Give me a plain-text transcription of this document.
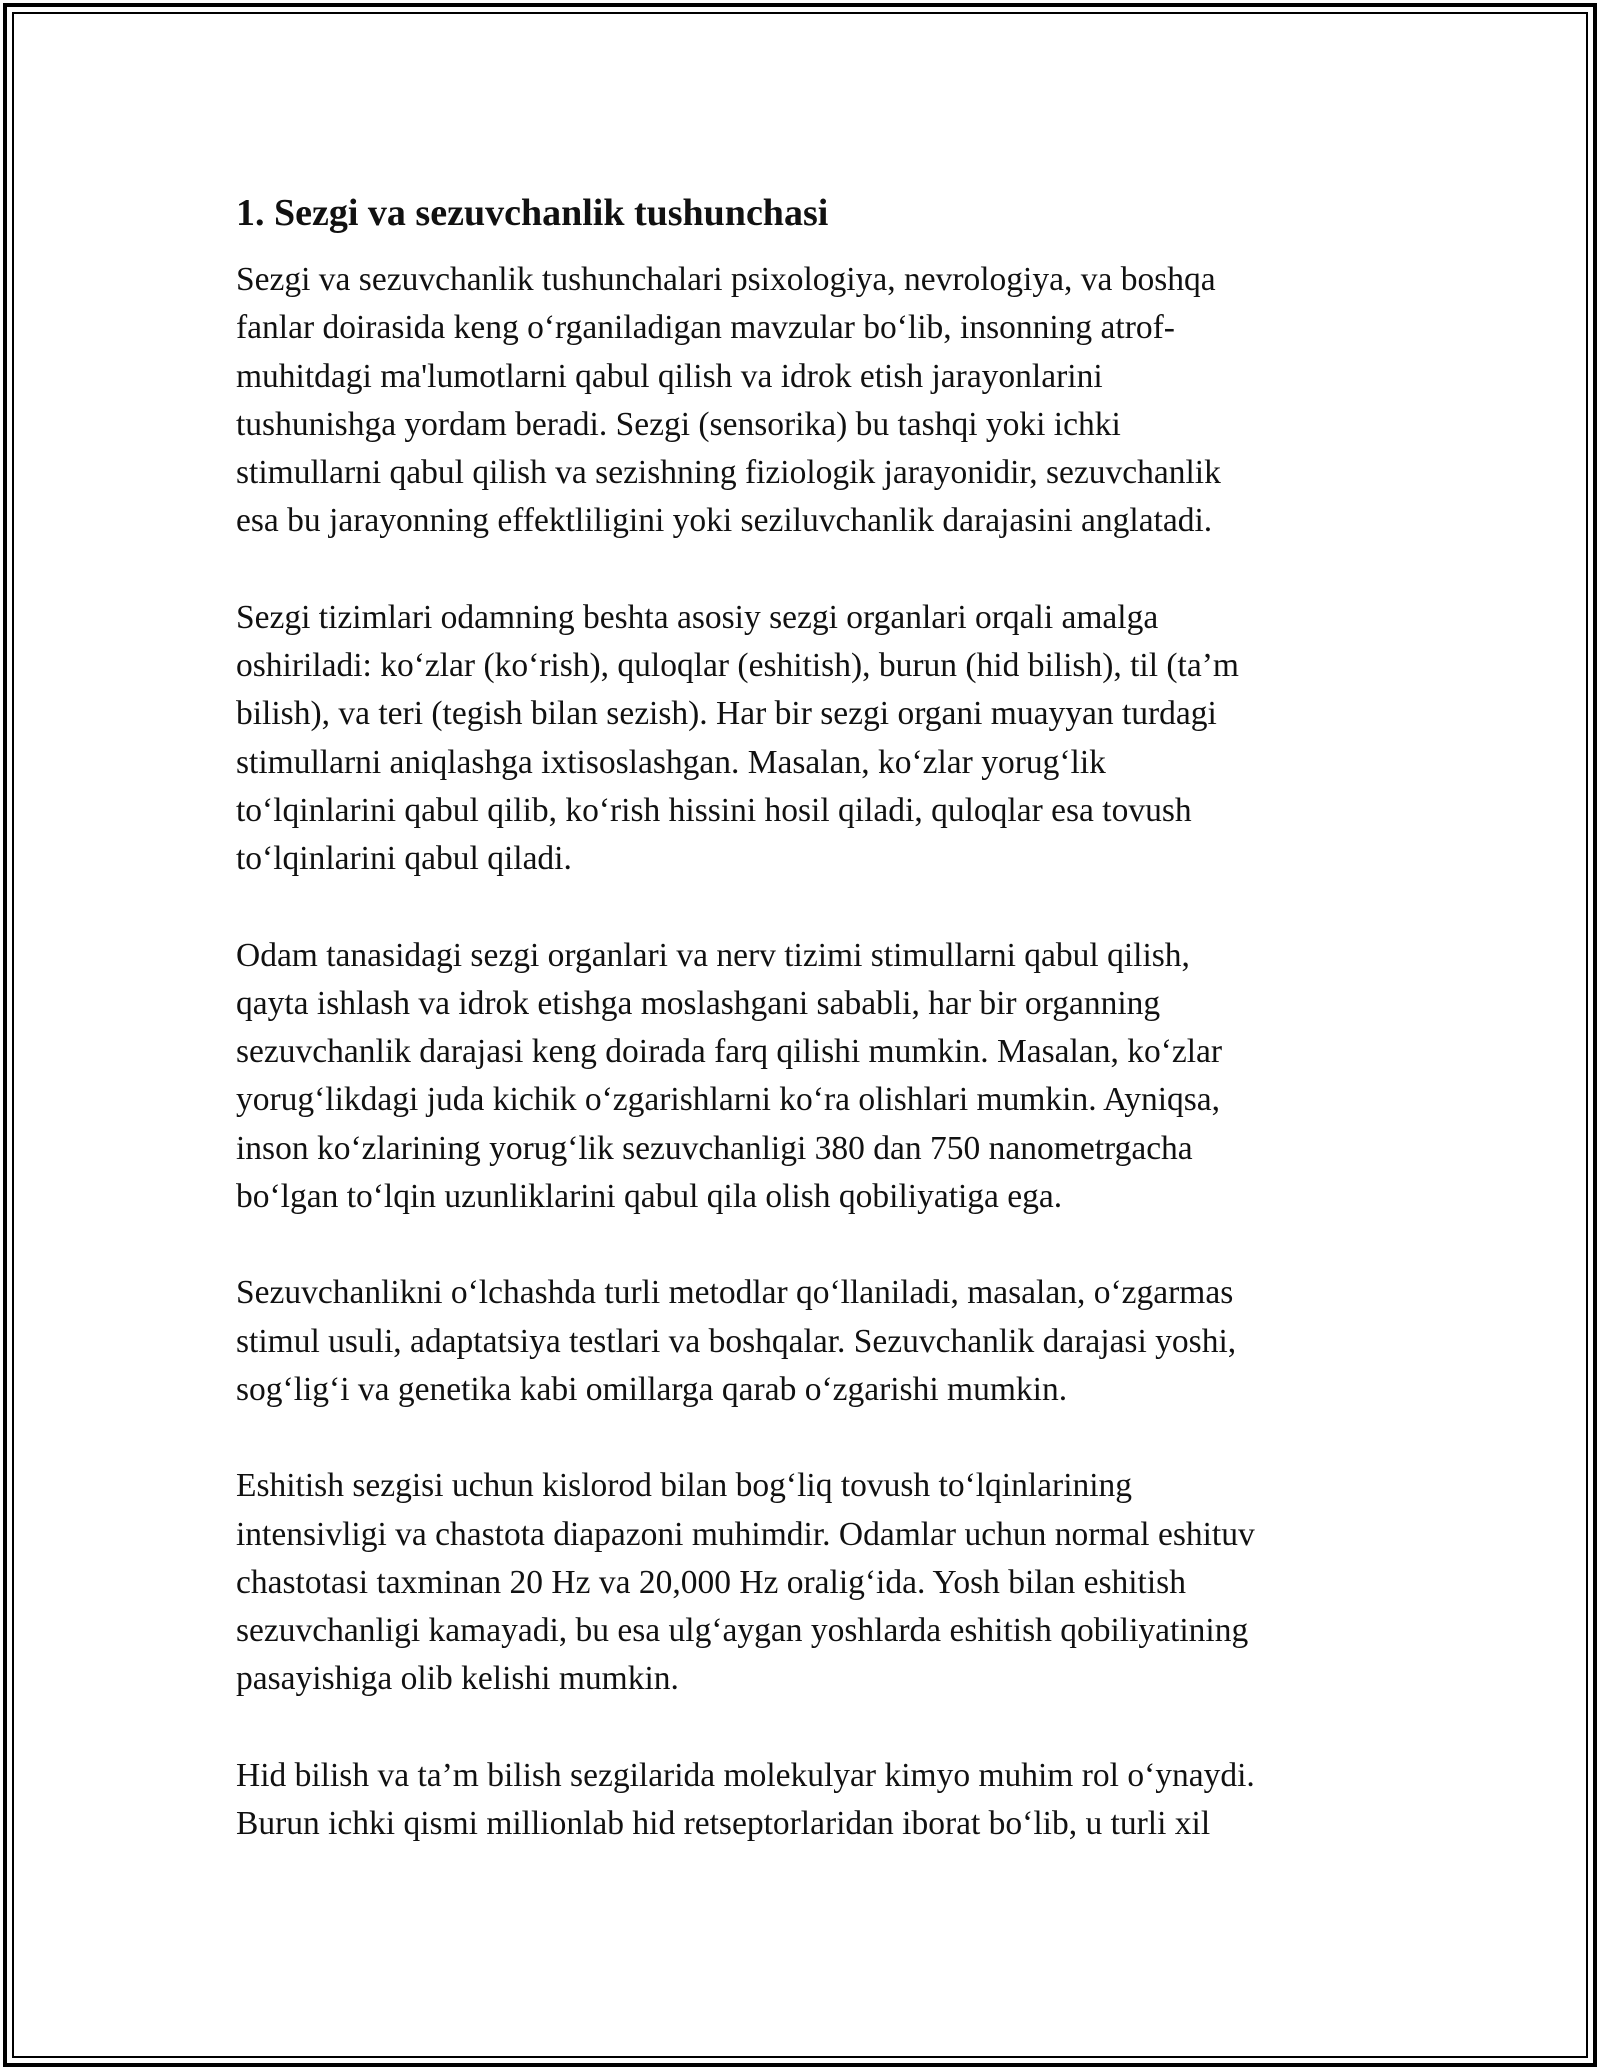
1. Sezgi va sezuvchanlik tushunchasi
Sezgi va sezuvchanlik tushunchalari psixologiya, nevrologiya, va boshqa
fanlar doirasida keng o‘rganiladigan mavzular bo‘lib, insonning atrof-
muhitdagi ma'lumotlarni qabul qilish va idrok etish jarayonlarini
tushunishga yordam beradi. Sezgi (sensorika) bu tashqi yoki ichki
stimullarni qabul qilish va sezishning fiziologik jarayonidir, sezuvchanlik
esa bu jarayonning effektliligini yoki seziluvchanlik darajasini anglatadi.
Sezgi tizimlari odamning beshta asosiy sezgi organlari orqali amalga
oshiriladi: ko‘zlar (ko‘rish), quloqlar (eshitish), burun (hid bilish), til (ta’m
bilish), va teri (tegish bilan sezish). Har bir sezgi organi muayyan turdagi
stimullarni aniqlashga ixtisoslashgan. Masalan, ko‘zlar yorug‘lik
to‘lqinlarini qabul qilib, ko‘rish hissini hosil qiladi, quloqlar esa tovush
to‘lqinlarini qabul qiladi.
Odam tanasidagi sezgi organlari va nerv tizimi stimullarni qabul qilish,
qayta ishlash va idrok etishga moslashgani sababli, har bir organning
sezuvchanlik darajasi keng doirada farq qilishi mumkin. Masalan, ko‘zlar
yorug‘likdagi juda kichik o‘zgarishlarni ko‘ra olishlari mumkin. Ayniqsa,
inson ko‘zlarining yorug‘lik sezuvchanligi 380 dan 750 nanometrgacha
bo‘lgan to‘lqin uzunliklarini qabul qila olish qobiliyatiga ega.
Sezuvchanlikni o‘lchashda turli metodlar qo‘llaniladi, masalan, o‘zgarmas
stimul usuli, adaptatsiya testlari va boshqalar. Sezuvchanlik darajasi yoshi,
sog‘lig‘i va genetika kabi omillarga qarab o‘zgarishi mumkin.
Eshitish sezgisi uchun kislorod bilan bog‘liq tovush to‘lqinlarining
intensivligi va chastota diapazoni muhimdir. Odamlar uchun normal eshituv
chastotasi taxminan 20 Hz va 20,000 Hz oralig‘ida. Yosh bilan eshitish
sezuvchanligi kamayadi, bu esa ulg‘aygan yoshlarda eshitish qobiliyatining
pasayishiga olib kelishi mumkin.
Hid bilish va ta’m bilish sezgilarida molekulyar kimyo muhim rol o‘ynaydi.
Burun ichki qismi millionlab hid retseptorlaridan iborat bo‘lib, u turli xil
